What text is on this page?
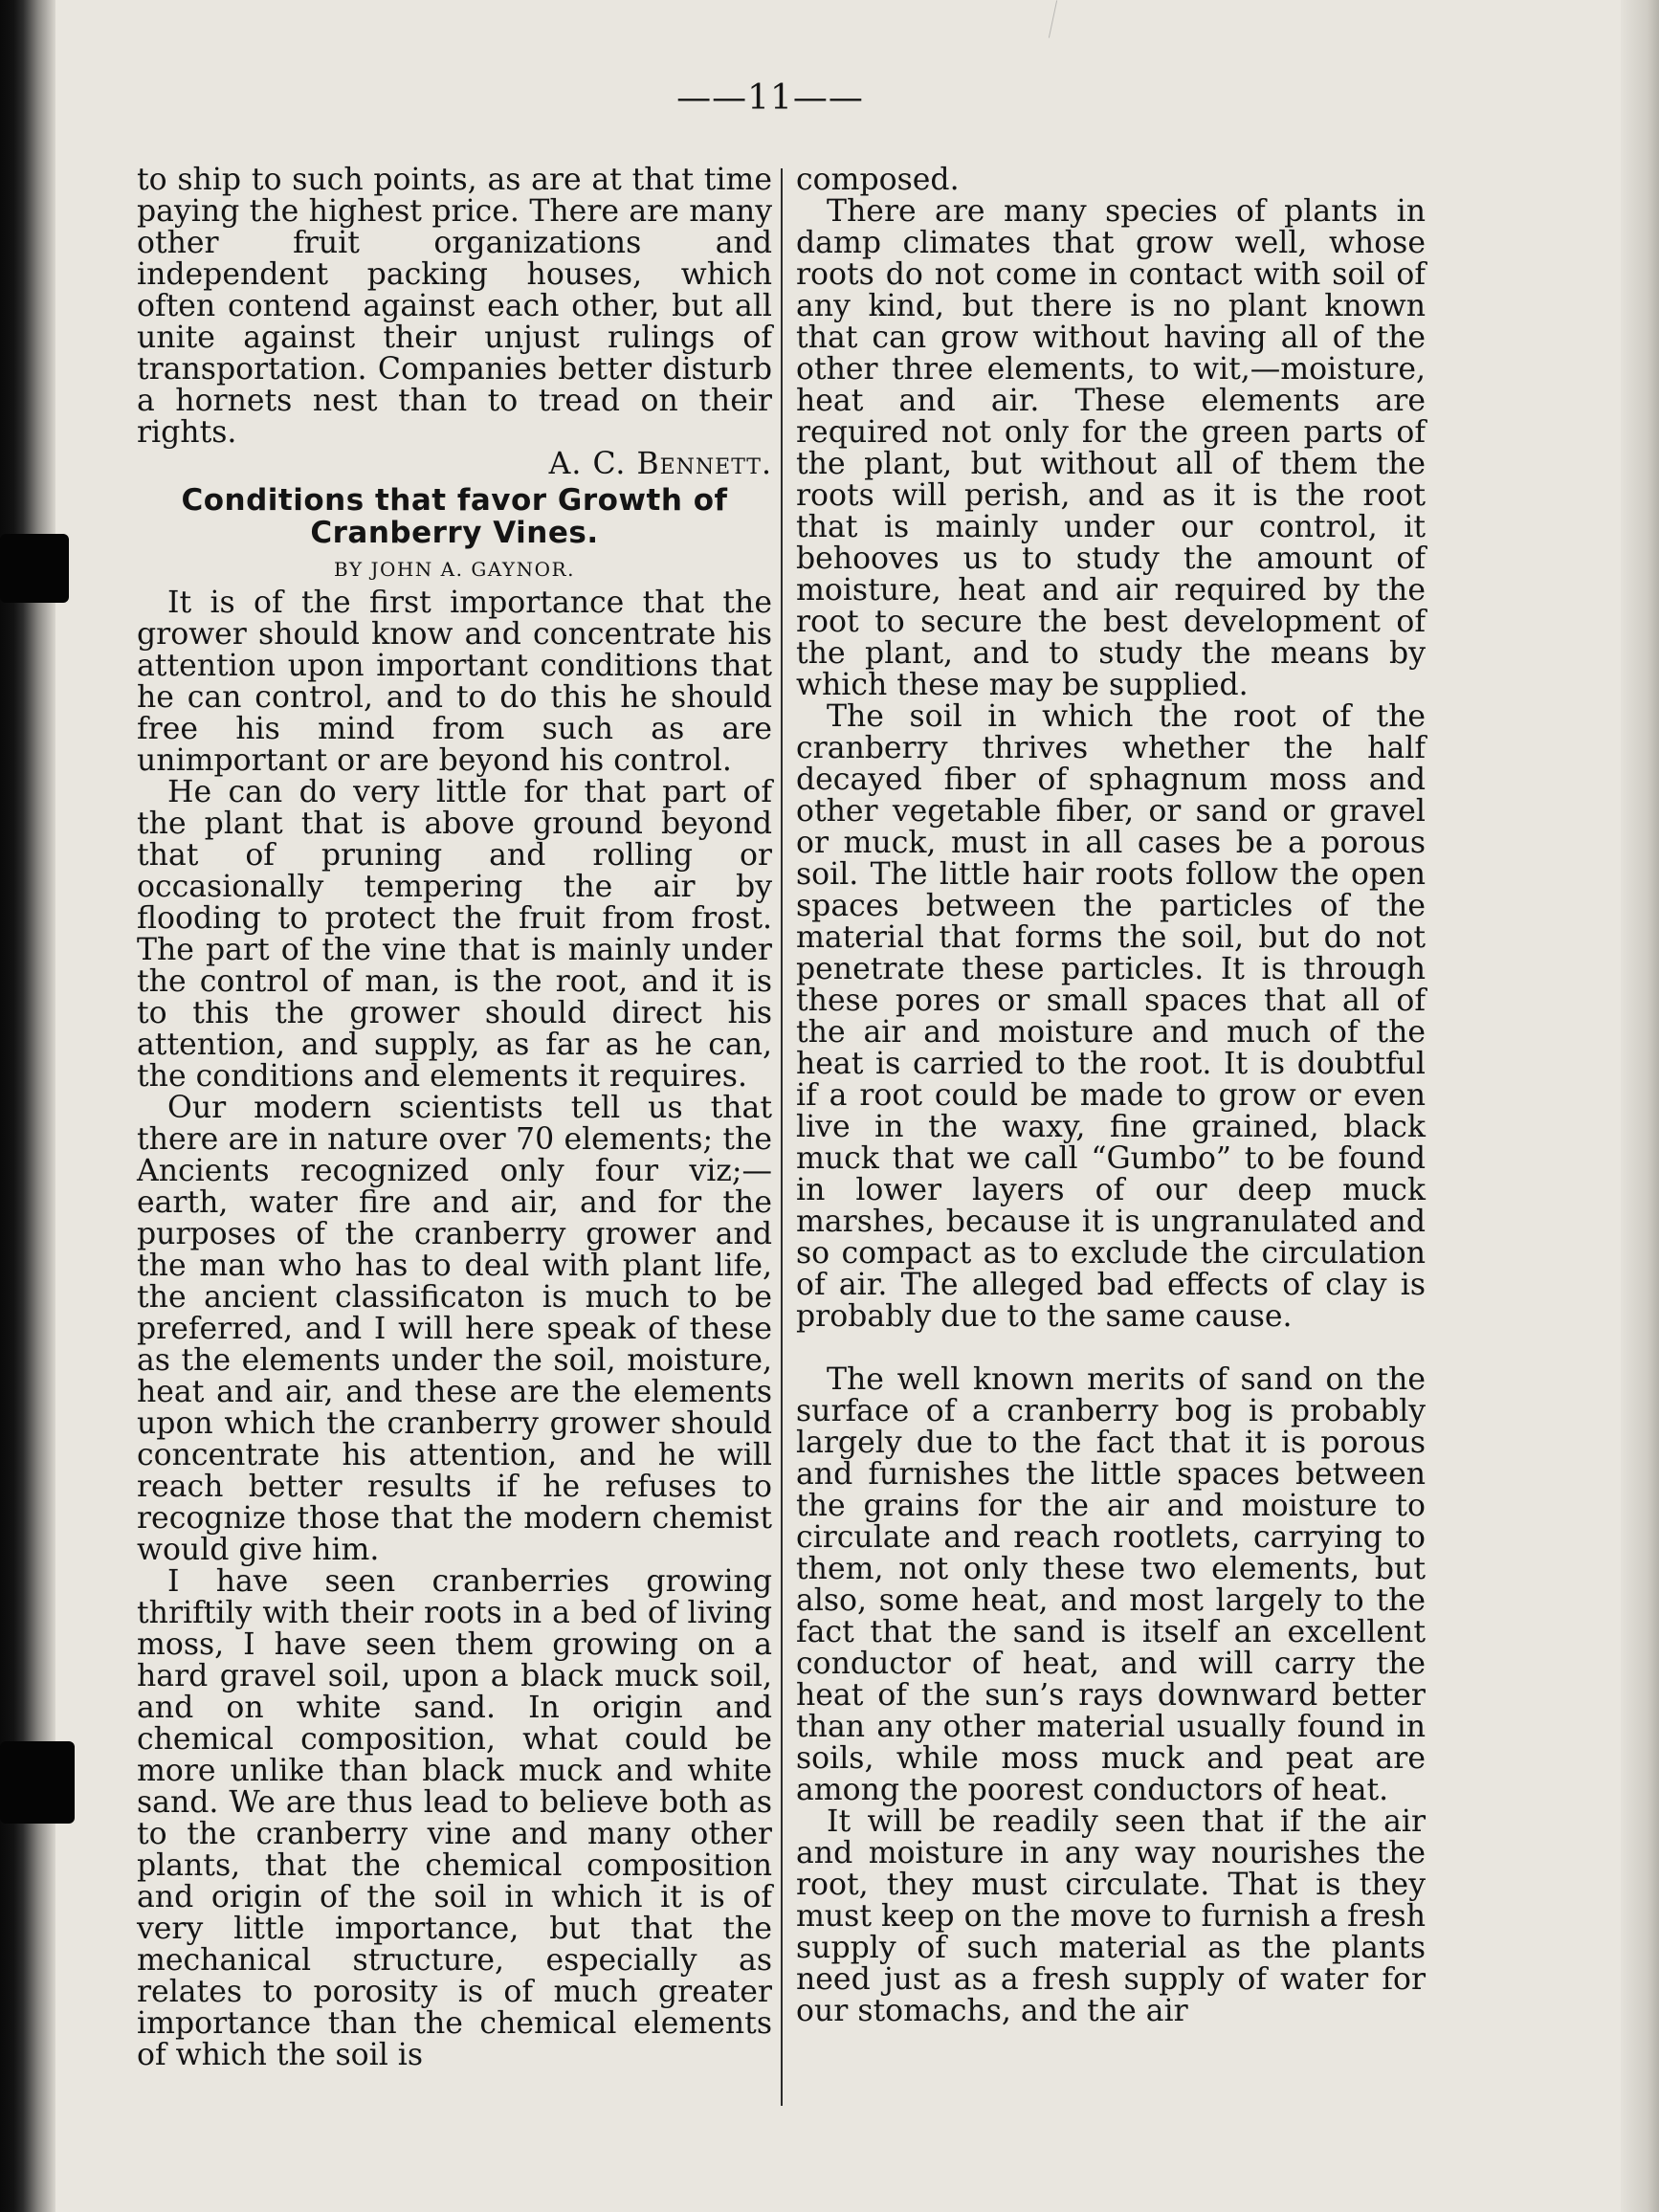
——11——

to ship to such points, as are at that time paying the highest price. There are many other fruit organizations and independent packing houses, which often contend against each other, but all unite against their unjust rulings of transportation. Companies better disturb a hornets nest than to tread on their rights.

A. C. Bennett.
Conditions that favor Growth of Cranberry Vines.
BY JOHN A. GAYNOR.

It is of the first importance that the grower should know and concentrate his attention upon important conditions that he can control, and to do this he should free his mind from such as are unimportant or are beyond his control.

He can do very little for that part of the plant that is above ground beyond that of pruning and rolling or occasionally tempering the air by flooding to protect the fruit from frost. The part of the vine that is mainly under the control of man, is the root, and it is to this the grower should direct his attention, and supply, as far as he can, the conditions and elements it requires.

Our modern scientists tell us that there are in nature over 70 elements; the Ancients recognized only four viz;—earth, water fire and air, and for the purposes of the cranberry grower and the man who has to deal with plant life, the ancient classificaton is much to be preferred, and I will here speak of these as the elements under the soil, moisture, heat and air, and these are the elements upon which the cranberry grower should concentrate his attention, and he will reach better results if he refuses to recognize those that the modern chemist would give him.

I have seen cranberries growing thriftily with their roots in a bed of living moss, I have seen them growing on a hard gravel soil, upon a black muck soil, and on white sand. In origin and chemical composition, what could be more unlike than black muck and white sand. We are thus lead to believe both as to the cranberry vine and many other plants, that the chemical composition and origin of the soil in which it is of very little importance, but that the mechanical structure, especially as relates to porosity is of much greater importance than the chemical elements of which the soil is

composed.

There are many species of plants in damp climates that grow well, whose roots do not come in contact with soil of any kind, but there is no plant known that can grow without having all of the other three elements, to wit,—moisture, heat and air. These elements are required not only for the green parts of the plant, but without all of them the roots will perish, and as it is the root that is mainly under our control, it behooves us to study the amount of moisture, heat and air required by the root to secure the best development of the plant, and to study the means by which these may be supplied.

The soil in which the root of the cranberry thrives whether the half decayed fiber of sphagnum moss and other vegetable fiber, or sand or gravel or muck, must in all cases be a porous soil. The little hair roots follow the open spaces between the particles of the material that forms the soil, but do not penetrate these particles. It is through these pores or small spaces that all of the air and moisture and much of the heat is carried to the root. It is doubtful if a root could be made to grow or even live in the waxy, fine grained, black muck that we call “Gumbo” to be found in lower layers of our deep muck marshes, because it is ungranulated and so compact as to exclude the circulation of air. The alleged bad effects of clay is probably due to the same cause.

The well known merits of sand on the surface of a cranberry bog is probably largely due to the fact that it is porous and furnishes the little spaces between the grains for the air and moisture to circulate and reach rootlets, carrying to them, not only these two elements, but also, some heat, and most largely to the fact that the sand is itself an excellent conductor of heat, and will carry the heat of the sun’s rays downward better than any other material usually found in soils, while moss muck and peat are among the poorest conductors of heat.

It will be readily seen that if the air and moisture in any way nourishes the root, they must circulate. That is they must keep on the move to furnish a fresh supply of such material as the plants need just as a fresh supply of water for our stomachs, and the air
